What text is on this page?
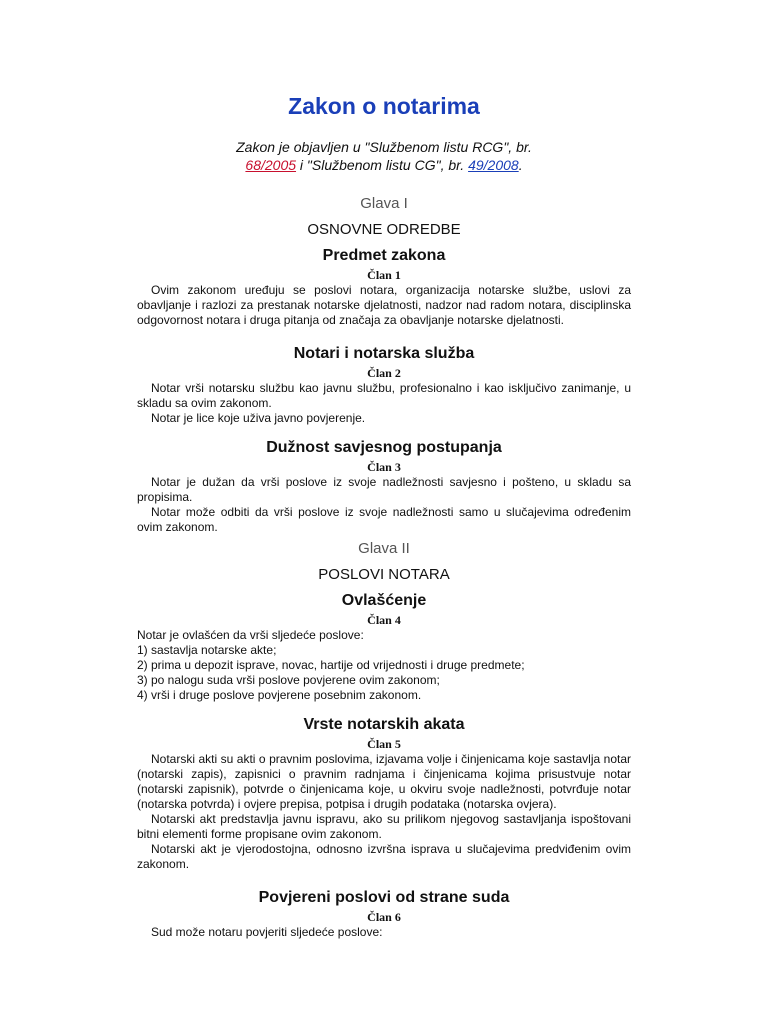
Zakon o notarima
Zakon je objavljen u "Službenom listu RCG", br.
68/2005 i "Službenom listu CG", br. 49/2008.
Glava I
OSNOVNE ODREDBE
Predmet zakona
Član 1

Ovim zakonom uređuju se poslovi notara, organizacija notarske službe, uslovi za obavljanje i razlozi za prestanak notarske djelatnosti, nadzor nad radom notara, disciplinska odgovornost notara i druga pitanja od značaja za obavljanje notarske djelatnosti.

Notari i notarska služba
Član 2

Notar vrši notarsku službu kao javnu službu, profesionalno i kao isključivo zanimanje, u skladu sa ovim zakonom.

Notar je lice koje uživa javno povjerenje.

Dužnost savjesnog postupanja
Član 3

Notar je dužan da vrši poslove iz svoje nadležnosti savjesno i pošteno, u skladu sa propisima.

Notar može odbiti da vrši poslove iz svoje nadležnosti samo u slučajevima određenim ovim zakonom.

Glava II
POSLOVI NOTARA
Ovlašćenje
Član 4

Notar je ovlašćen da vrši sljedeće poslove:

1) sastavlja notarske akte;

2) prima u depozit isprave, novac, hartije od vrijednosti i druge predmete;

3) po nalogu suda vrši poslove povjerene ovim zakonom;

4) vrši i druge poslove povjerene posebnim zakonom.

Vrste notarskih akata
Član 5

Notarski akti su akti o pravnim poslovima, izjavama volje i činjenicama koje sastavlja notar (notarski zapis), zapisnici o pravnim radnjama i činjenicama kojima prisustvuje notar (notarski zapisnik), potvrde o činjenicama koje, u okviru svoje nadležnosti, potvrđuje notar (notarska potvrda) i ovjere prepisa, potpisa i drugih podataka (notarska ovjera).

Notarski akt predstavlja javnu ispravu, ako su prilikom njegovog sastavljanja ispoštovani bitni elementi forme propisane ovim zakonom.

Notarski akt je vjerodostojna, odnosno izvršna isprava u slučajevima predviđenim ovim zakonom.

Povjereni poslovi od strane suda
Član 6

Sud može notaru povjeriti sljedeće poslove:
